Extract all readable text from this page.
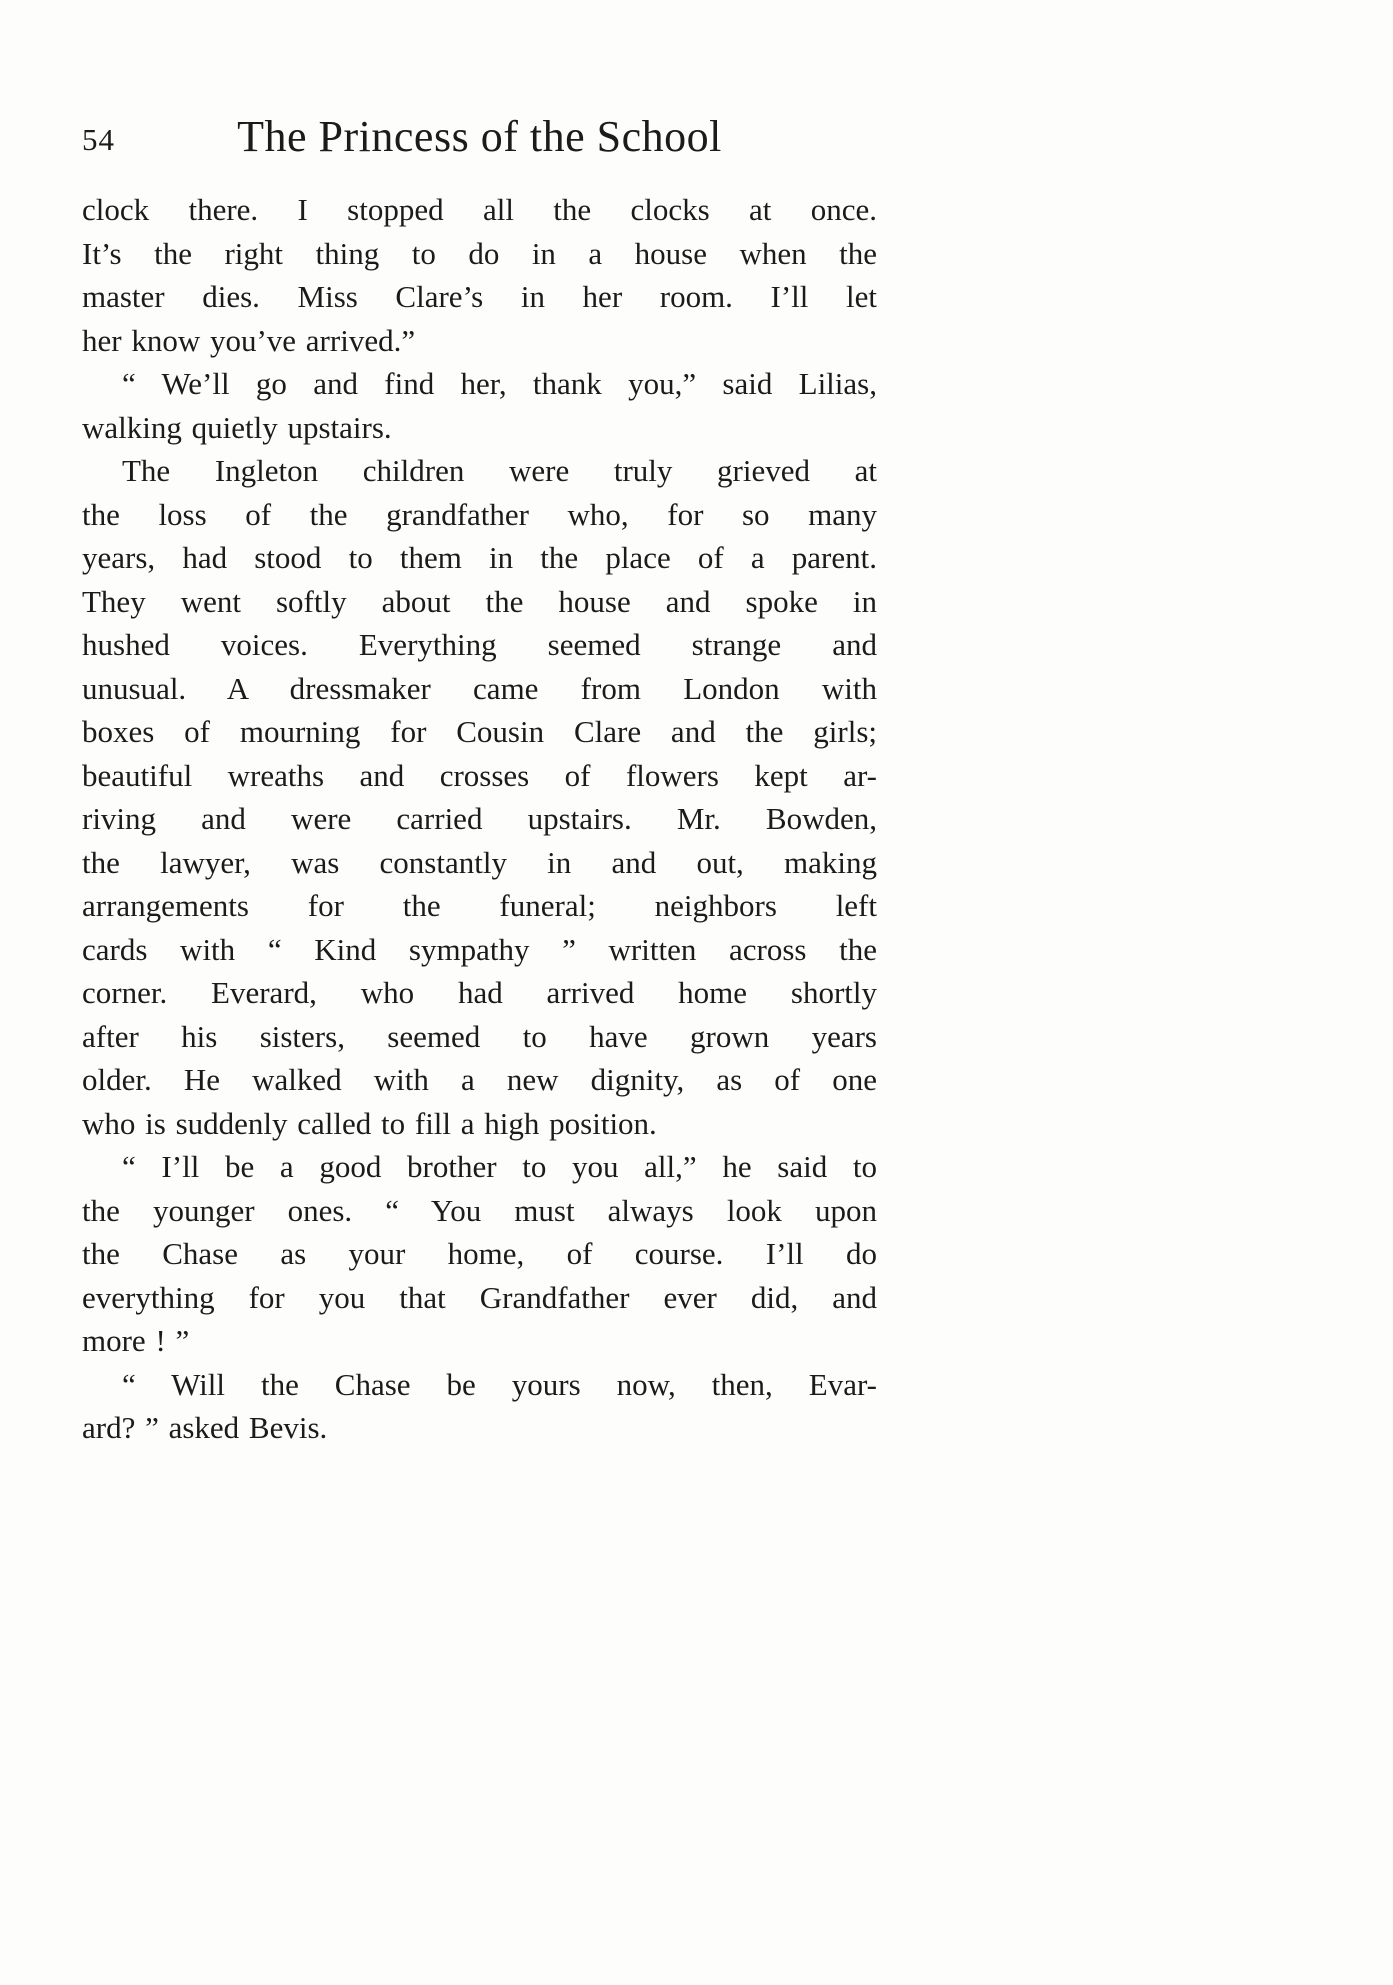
54	The Princess of the School
clock there. I stopped all the clocks at once.
It’s the right thing to do in a house when the
master dies. Miss Clare’s in her room. I’ll let
her know you’ve arrived.”
“ We’ll go and find her, thank you,” said Lilias,
walking quietly upstairs.
The Ingleton children were truly grieved at
the loss of the grandfather who, for so many
years, had stood to them in the place of a parent.
They went softly about the house and spoke in
hushed voices. Everything seemed strange and
unusual. A dressmaker came from London with
boxes of mourning for Cousin Clare and the girls;
beautiful wreaths and crosses of flowers kept ar-
riving and were carried upstairs. Mr. Bowden,
the lawyer, was constantly in and out, making
arrangements for the funeral; neighbors left
cards with “ Kind sympathy ” written across the
corner. Everard, who had arrived home shortly
after his sisters, seemed to have grown years
older. He walked with a new dignity, as of one
who is suddenly called to fill a high position.
“ I’ll be a good brother to you all,” he said to
the younger ones. “ You must always look upon
the Chase as your home, of course. I’ll do
everything for you that Grandfather ever did, and
more ! ”
“ Will the Chase be yours now, then, Evar-
ard? ” asked Bevis.
